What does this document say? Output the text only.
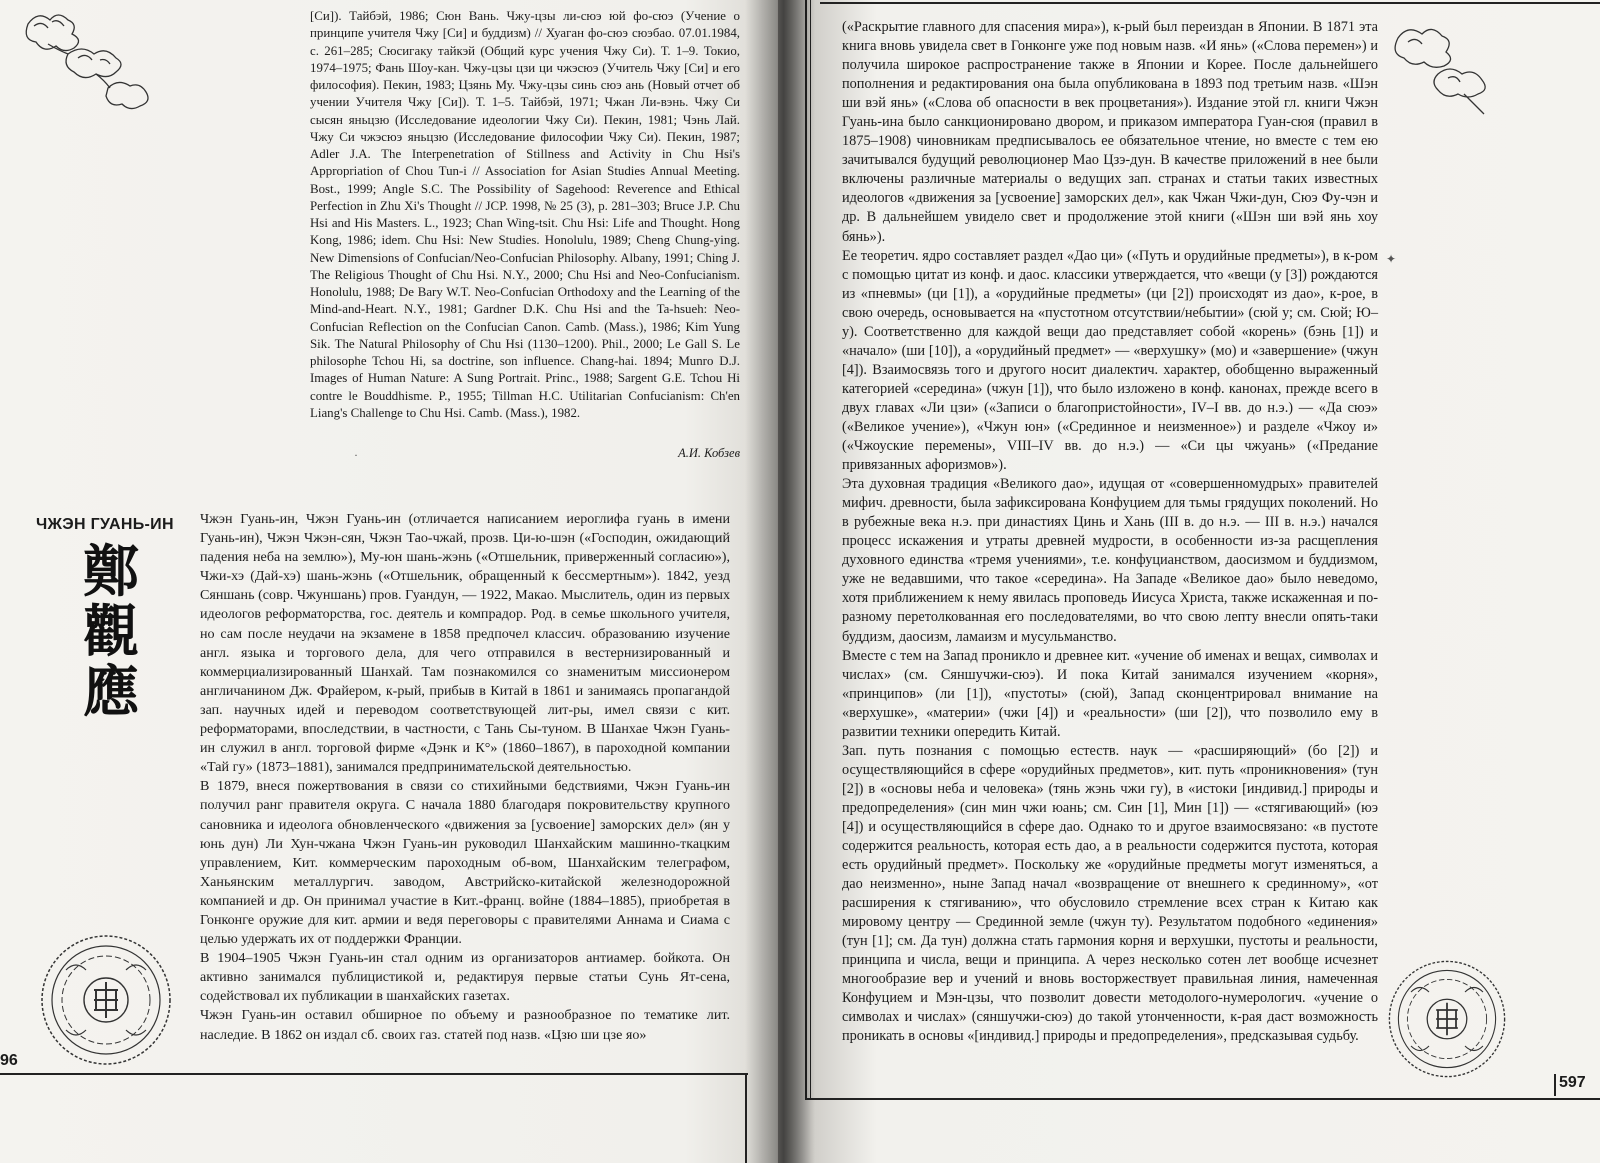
[Си]). Тайбэй, 1986; Сюн Вань. Чжу-цзы ли-сюэ юй фо-сюэ (Учение о принципе учителя Чжу [Си] и буддизм) // Хуаган фо-сюэ сюэбао. 07.01.1984, с. 261–285; Сюсигаку тайкэй (Общий курс учения Чжу Си). Т. 1–9. Токио, 1974–1975; Фань Шоу-кан. Чжу-цзы цзи ци чжэсюэ (Учитель Чжу [Си] и его философия). Пекин, 1983; Цзянь Му. Чжу-цзы синь сюэ ань (Новый отчет об учении Учителя Чжу [Си]). Т. 1–5. Тайбэй, 1971; Чжан Ли-вэнь. Чжу Си сысян яньцзю (Исследование идеологии Чжу Си). Пекин, 1981; Чэнь Лай. Чжу Си чжэсюэ яньцзю (Исследование философии Чжу Си). Пекин, 1987; Adler J.A. The Interpenetration of Stillness and Activity in Chu Hsi's Appropriation of Chou Tun-i // Association for Asian Studies Annual Meeting. Bost., 1999; Angle S.C. The Possibility of Sagehood: Reverence and Ethical Perfection in Zhu Xi's Thought // JCP. 1998, № 25 (3), p. 281–303; Bruce J.P. Chu Hsi and His Masters. L., 1923; Chan Wing-tsit. Chu Hsi: Life and Thought. Hong Kong, 1986; idem. Chu Hsi: New Studies. Honolulu, 1989; Cheng Chung-ying. New Dimensions of Confucian/Neo-Confucian Philosophy. Albany, 1991; Ching J. The Religious Thought of Chu Hsi. N.Y., 2000; Chu Hsi and Neo-Confucianism. Honolulu, 1988; De Bary W.T. Neo-Confucian Orthodoxy and the Learning of the Mind-and-Heart. N.Y., 1981; Gardner D.K. Chu Hsi and the Ta-hsueh: Neo-Confucian Reflection on the Confucian Canon. Camb. (Mass.), 1986; Kim Yung Sik. The Natural Philosophy of Chu Hsi (1130–1200). Phil., 2000; Le Gall S. Le philosophe Tchou Hi, sa doctrine, son influence. Chang-hai. 1894; Munro D.J. Images of Human Nature: A Sung Portrait. Princ., 1988; Sargent G.E. Tchou Hi contre le Bouddhisme. P., 1955; Tillman H.C. Utilitarian Confucianism: Ch'en Liang's Challenge to Chu Hsi. Camb. (Mass.), 1982.

А.И. Кобзев
·
ЧЖЭН ГУАНЬ-ИН
鄭
觀
應

Чжэн Гуань-ин, Чжэн Гуань-ин (отличается написанием иероглифа гуань в имени Гуань-ин), Чжэн Чжэн-сян, Чжэн Тао-чжай, прозв. Ци-ю-шэн («Господин, ожидающий падения неба на землю»), Му-юн шань-жэнь («Отшельник, приверженный согласию»), Чжи-хэ (Дай-хэ) шань-жэнь («Отшельник, обращенный к бессмертным»). 1842, уезд Сяншань (совр. Чжуншань) пров. Гуандун, — 1922, Макао. Мыслитель, один из первых идеологов реформаторства, гос. деятель и компрадор. Род. в семье школьного учителя, но сам после неудачи на экзамене в 1858 предпочел классич. образованию изучение англ. языка и торгового дела, для чего отправился в вестернизированный и коммерциализированный Шанхай. Там познакомился со знаменитым миссионером англичанином Дж. Фрайером, к-рый, прибыв в Китай в 1861 и занимаясь пропагандой зап. научных идей и переводом соответствующей лит-ры, имел связи с кит. реформаторами, впоследствии, в частности, с Тань Сы-туном. В Шанхае Чжэн Гуань-ин служил в англ. торговой фирме «Дэнк и К°» (1860–1867), в пароходной компании «Тай гу» (1873–1881), занимался предпринимательской деятельностью.

В 1879, внеся пожертвования в связи со стихийными бедствиями, Чжэн Гуань-ин получил ранг правителя округа. С начала 1880 благодаря покровительству крупного сановника и идеолога обновленческого «движения за [усвоение] заморских дел» (ян у юнь дун) Ли Хун-чжана Чжэн Гуань-ин руководил Шанхайским машинно-ткацким управлением, Кит. коммерческим пароходным об-вом, Шанхайским телеграфом, Ханьянским металлургич. заводом, Австрийско-китайской железнодорожной компанией и др. Он принимал участие в Кит.-франц. войне (1884–1885), приобретая в Гонконге оружие для кит. армии и ведя переговоры с правителями Аннама и Сиама с целью удержать их от поддержки Франции.

В 1904–1905 Чжэн Гуань-ин стал одним из организаторов антиамер. бойкота. Он активно занимался публицистикой и, редактируя первые статьи Сунь Ят-сена, содействовал их публикации в шанхайских газетах.

Чжэн Гуань-ин оставил обширное по объему и разнообразное по тематике лит. наследие. В 1862 он издал сб. своих газ. статей под назв. «Цзю ши цзе яо»

96
✦

(«Раскрытие главного для спасения мира»), к-рый был переиздан в Японии. В 1871 эта книга вновь увидела свет в Гонконге уже под новым назв. «И янь» («Слова перемен») и получила широкое распространение также в Японии и Корее. После дальнейшего пополнения и редактирования она была опубликована в 1893 под третьим назв. «Шэн ши вэй янь» («Слова об опасности в век процветания»). Издание этой гл. книги Чжэн Гуань-ина было санкционировано двором, и приказом императора Гуан-сюя (правил в 1875–1908) чиновникам предписывалось ее обязательное чтение, но вместе с тем ею зачитывался будущий революционер Мао Цзэ-дун. В качестве приложений в нее были включены различные материалы о ведущих зап. странах и статьи таких известных идеологов «движения за [усвоение] заморских дел», как Чжан Чжи-дун, Сюэ Фу-чэн и др. В дальнейшем увидело свет и продолжение этой книги («Шэн ши вэй янь хоу бянь»).

Ее теоретич. ядро составляет раздел «Дао ци» («Путь и орудийные предметы»), в к-ром с помощью цитат из конф. и даос. классики утверждается, что «вещи (у [3]) рождаются из «пневмы» (ци [1]), а «орудийные предметы» (ци [2]) происходят из дао», к-рое, в свою очередь, основывается на «пустотном отсутствии/небытии» (сюй у; см. Сюй; Ю–у). Соответственно для каждой вещи дао представляет собой «корень» (бэнь [1]) и «начало» (ши [10]), а «орудийный предмет» — «верхушку» (мо) и «завершение» (чжун [4]). Взаимосвязь того и другого носит диалектич. характер, обобщенно выраженный категорией «середина» (чжун [1]), что было изложено в конф. канонах, прежде всего в двух главах «Ли цзи» («Записи о благопристойности», IV–I вв. до н.э.) — «Да сюэ» («Великое учение»), «Чжун юн» («Срединное и неизменное») и разделе «Чжоу и» («Чжоуские перемены», VIII–IV вв. до н.э.) — «Си цы чжуань» («Предание привязанных афоризмов»).

Эта духовная традиция «Великого дао», идущая от «совершенномудрых» правителей мифич. древности, была зафиксирована Конфуцием для тьмы грядущих поколений. Но в рубежные века н.э. при династиях Цинь и Хань (III в. до н.э. — III в. н.э.) начался процесс искажения и утраты древней мудрости, в особенности из-за расщепления духовного единства «тремя учениями», т.е. конфуцианством, даосизмом и буддизмом, уже не ведавшими, что такое «середина». На Западе «Великое дао» было неведомо, хотя приближением к нему явилась проповедь Иисуса Христа, также искаженная и по-разному перетолкованная его последователями, во что свою лепту внесли опять-таки буддизм, даосизм, ламаизм и мусульманство.

Вместе с тем на Запад проникло и древнее кит. «учение об именах и вещах, символах и числах» (см. Сяншучжи-сюэ). И пока Китай занимался изучением «корня», «принципов» (ли [1]), «пустоты» (сюй), Запад сконцентрировал внимание на «верхушке», «материи» (чжи [4]) и «реальности» (ши [2]), что позволило ему в развитии техники опередить Китай.

Зап. путь познания с помощью естеств. наук — «расширяющий» (бо [2]) и осуществляющийся в сфере «орудийных предметов», кит. путь «проникновения» (тун [2]) в «основы неба и человека» (тянь жэнь чжи гу), в «истоки [индивид.] природы и предопределения» (син мин чжи юань; см. Син [1], Мин [1]) — «стягивающий» (юэ [4]) и осуществляющийся в сфере дао. Однако то и другое взаимосвязано: «в пустоте содержится реальность, которая есть дао, а в реальности содержится пустота, которая есть орудийный предмет». Поскольку же «орудийные предметы могут изменяться, а дао неизменно», ныне Запад начал «возвращение от внешнего к срединному», «от расширения к стягиванию», что обусловило стремление всех стран к Китаю как мировому центру — Срединной земле (чжун ту). Результатом подобного «единения» (тун [1]; см. Да тун) должна стать гармония корня и верхушки, пустоты и реальности, принципа и числа, вещи и принципа. А через несколько сотен лет вообще исчезнет многообразие вер и учений и вновь восторжествует правильная линия, намеченная Конфуцием и Мэн-цзы, что позволит довести методолого-нумерологич. «учение о символах и числах» (сяншучжи-сюэ) до такой утонченности, к-рая даст возможность проникать в основы «[индивид.] природы и предопределения», предсказывая судьбу.

597
